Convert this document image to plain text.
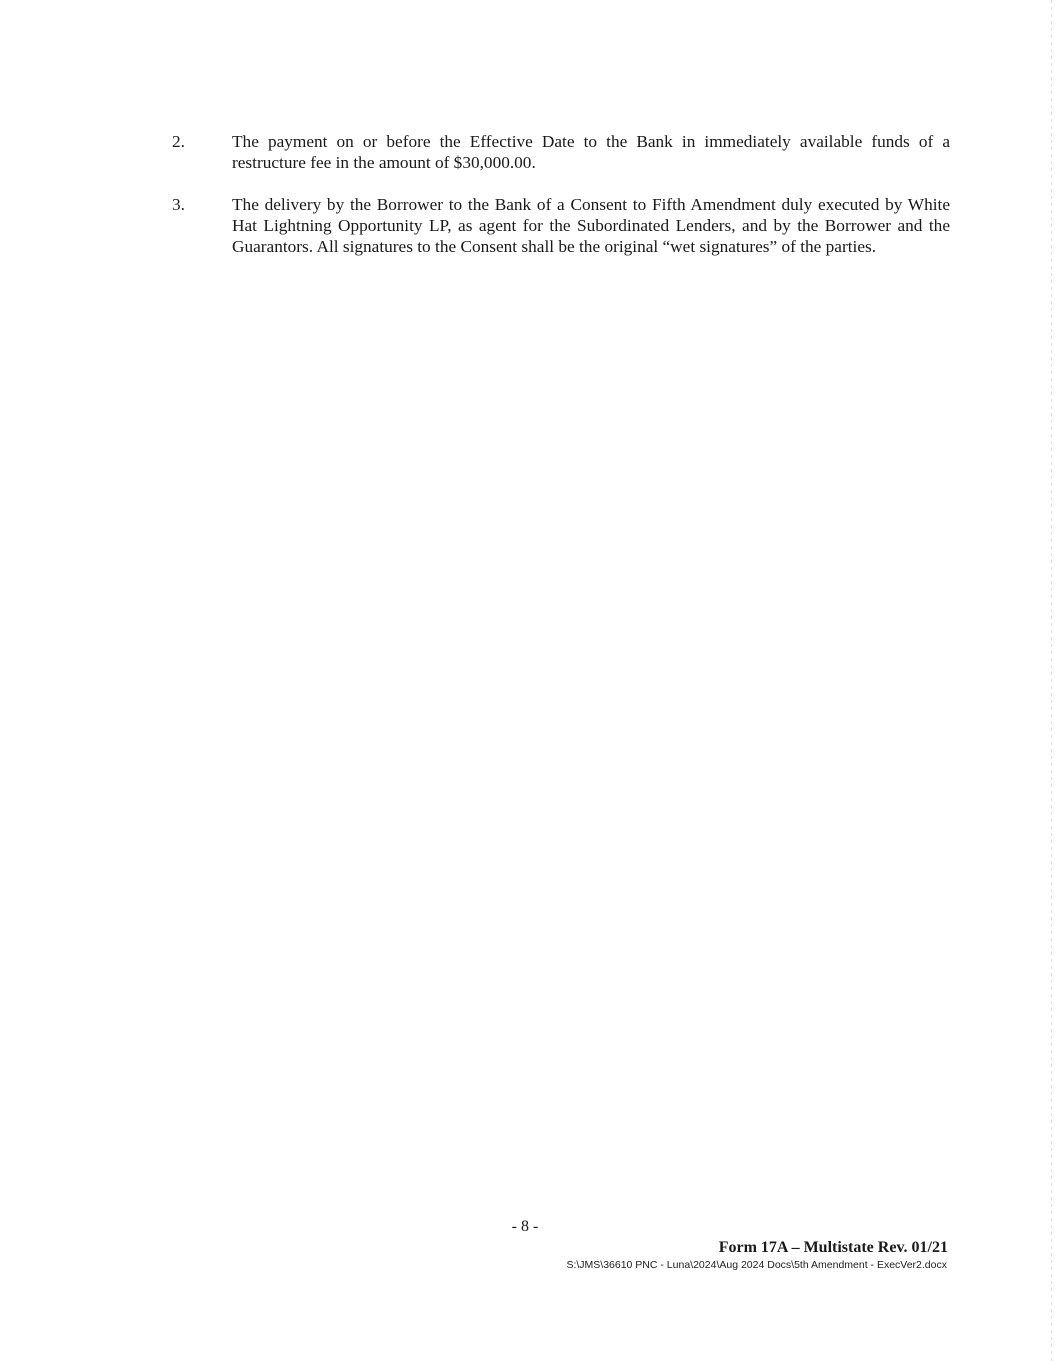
2.	The payment on or before the Effective Date to the Bank in immediately available funds of a restructure fee in the amount of $30,000.00.
3.	The delivery by the Borrower to the Bank of a Consent to Fifth Amendment duly executed by White Hat Lightning Opportunity LP, as agent for the Subordinated Lenders, and by the Borrower and the Guarantors. All signatures to the Consent shall be the original “wet signatures” of the parties.
- 8 -
Form 17A – Multistate Rev. 01/21
S:\JMS\36610 PNC - Luna\2024\Aug 2024 Docs\5th Amendment - ExecVer2.docx
